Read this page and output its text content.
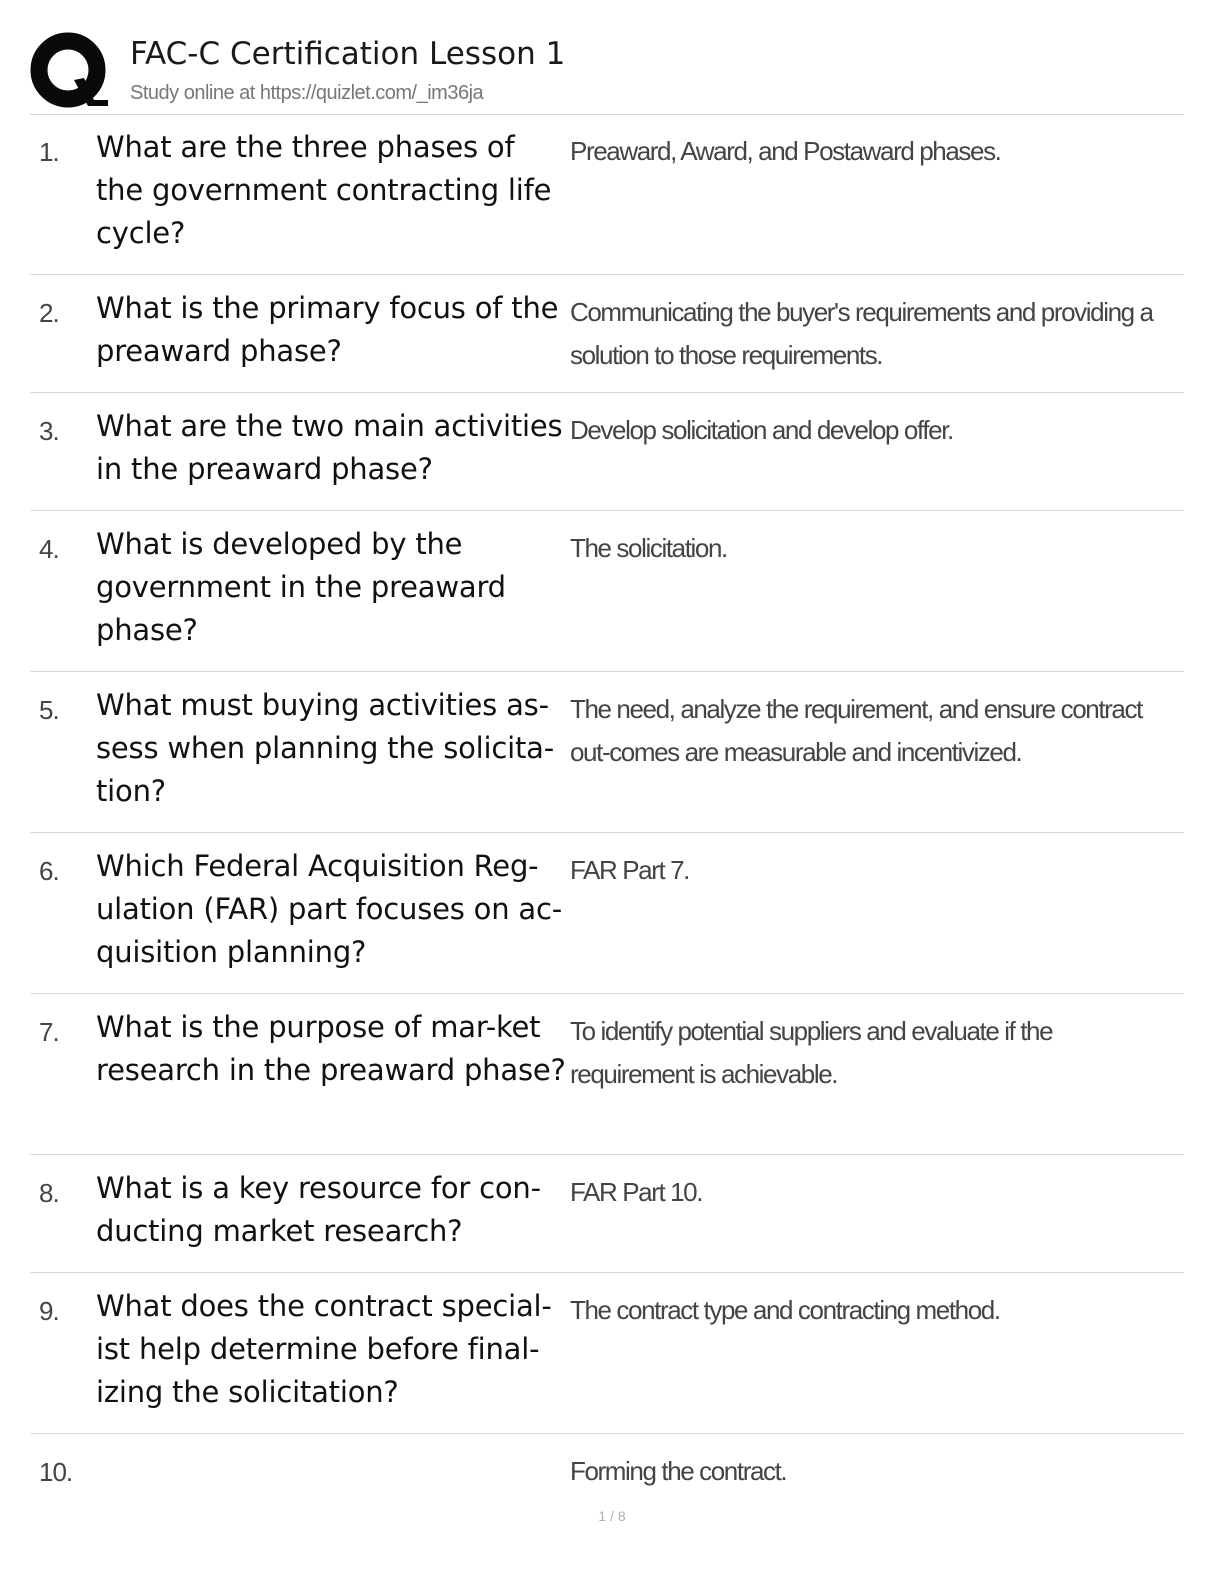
FAC-C Certification Lesson 1
Study online at https://quizlet.com/_im36ja
1. What are the three phases of the government contracting life cycle?
Preaward, Award, and Postaward phases.
2. What is the primary focus of the preaward phase?
Communicating the buyer's requirements and providing a solution to those requirements.
3. What are the two main activities in the preaward phase?
Develop solicitation and develop offer.
4. What is developed by the government in the preaward phase?
The solicitation.
5. What must buying activities as-sess when planning the solicita-tion?
The need, analyze the requirement, and ensure contract out-comes are measurable and incentivized.
6. Which Federal Acquisition Reg-ulation (FAR) part focuses on ac-quisition planning?
FAR Part 7.
7. What is the purpose of mar-ket research in the preaward phase?
To identify potential suppliers and evaluate if the requirement is achievable.
8. What is a key resource for con-ducting market research?
FAR Part 10.
9. What does the contract special-ist help determine before final-izing the solicitation?
The contract type and contracting method.
10.	Forming the contract.
1 / 8
